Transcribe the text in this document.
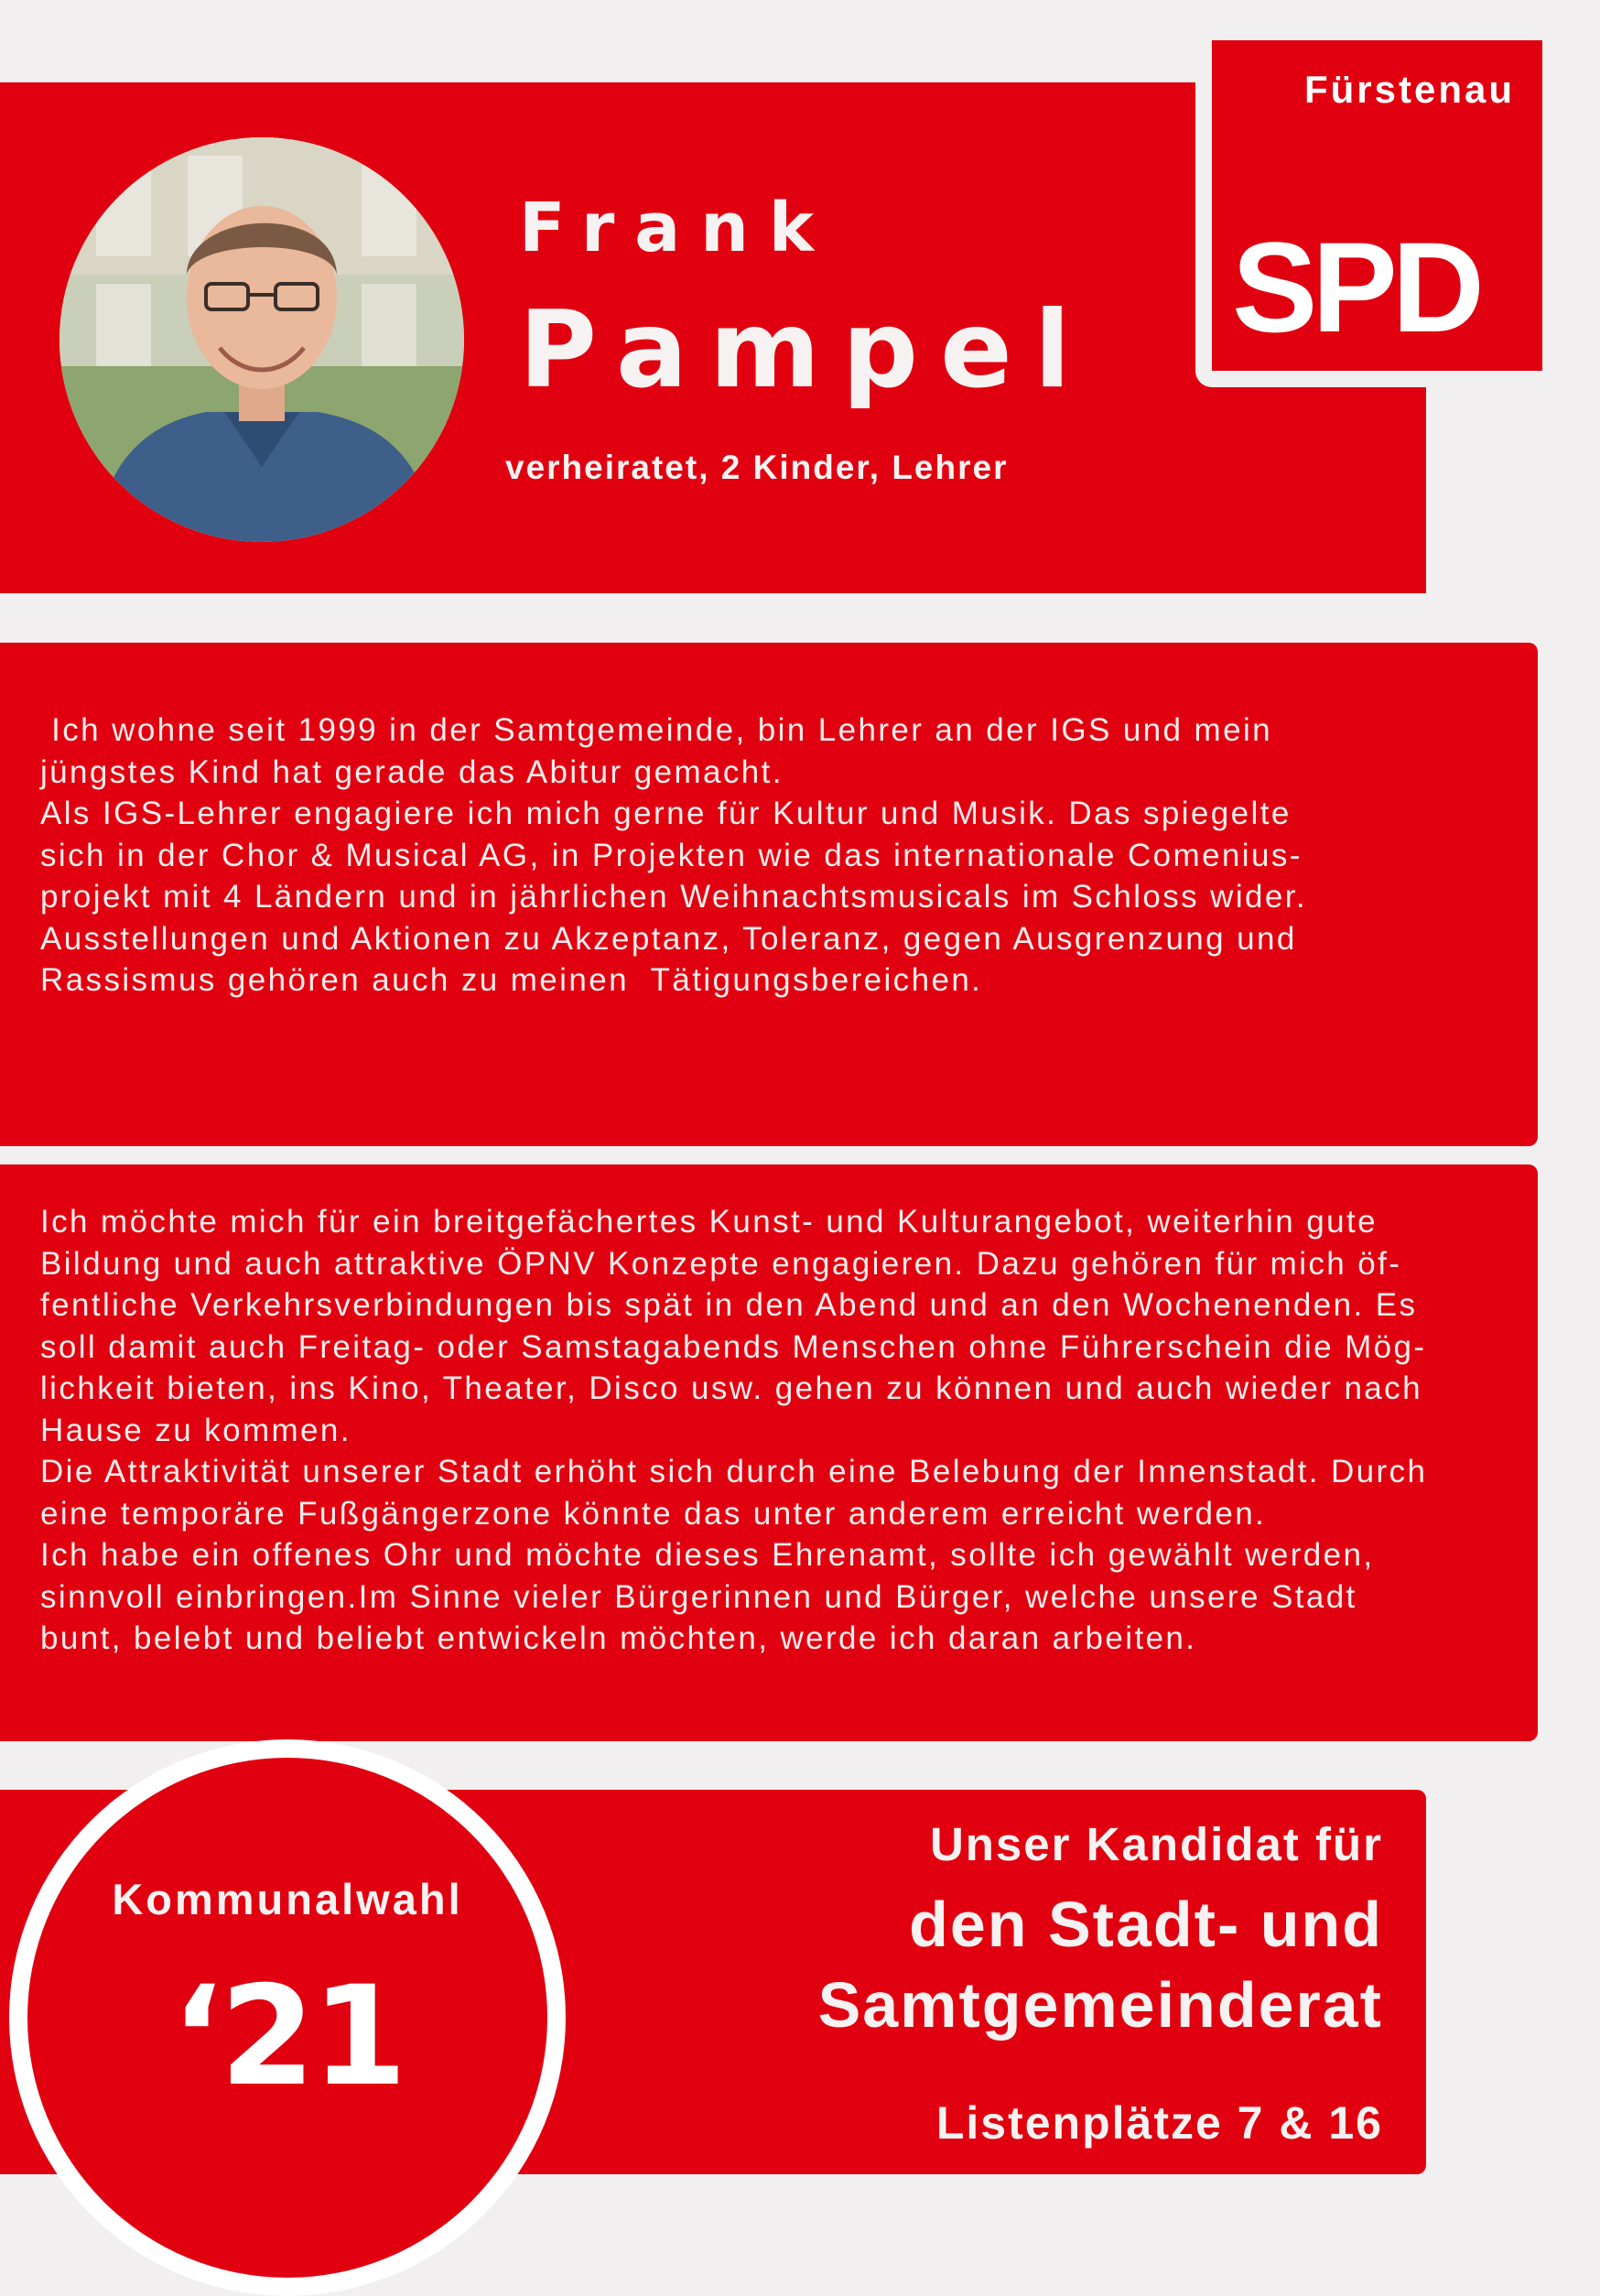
Frank
Pampel
verheiratet, 2 Kinder, Lehrer
Fürstenau
SPD
Ich wohne seit 1999 in der Samtgemeinde, bin Lehrer an der IGS und mein
jüngstes Kind hat gerade das Abitur gemacht.
Als IGS-Lehrer engagiere ich mich gerne für Kultur und Musik. Das spiegelte
sich in der Chor & Musical AG, in Projekten wie das internationale Comenius-
projekt mit 4 Ländern und in jährlichen Weihnachtsmusicals im Schloss wider.
Ausstellungen und Aktionen zu Akzeptanz, Toleranz, gegen Ausgrenzung und
Rassismus gehören auch zu meinen  Tätigungsbereichen.
Ich möchte mich für ein breitgefächertes Kunst- und Kulturangebot, weiterhin gute
Bildung und auch attraktive ÖPNV Konzepte engagieren. Dazu gehören für mich öf-
fentliche Verkehrsverbindungen bis spät in den Abend und an den Wochenenden. Es
soll damit auch Freitag- oder Samstagabends Menschen ohne Führerschein die Mög-
lichkeit bieten, ins Kino, Theater, Disco usw. gehen zu können und auch wieder nach
Hause zu kommen.
Die Attraktivität unserer Stadt erhöht sich durch eine Belebung der Innenstadt. Durch
eine temporäre Fußgängerzone könnte das unter anderem erreicht werden.
Ich habe ein offenes Ohr und möchte dieses Ehrenamt, sollte ich gewählt werden,
sinnvoll einbringen.Im Sinne vieler Bürgerinnen und Bürger, welche unsere Stadt
bunt, belebt und beliebt entwickeln möchten, werde ich daran arbeiten.
Kommunalwahl
‘21

Unser Kandidat für

den Stadt- und
Samtgemeinderat

Listenplätze 7 & 16
